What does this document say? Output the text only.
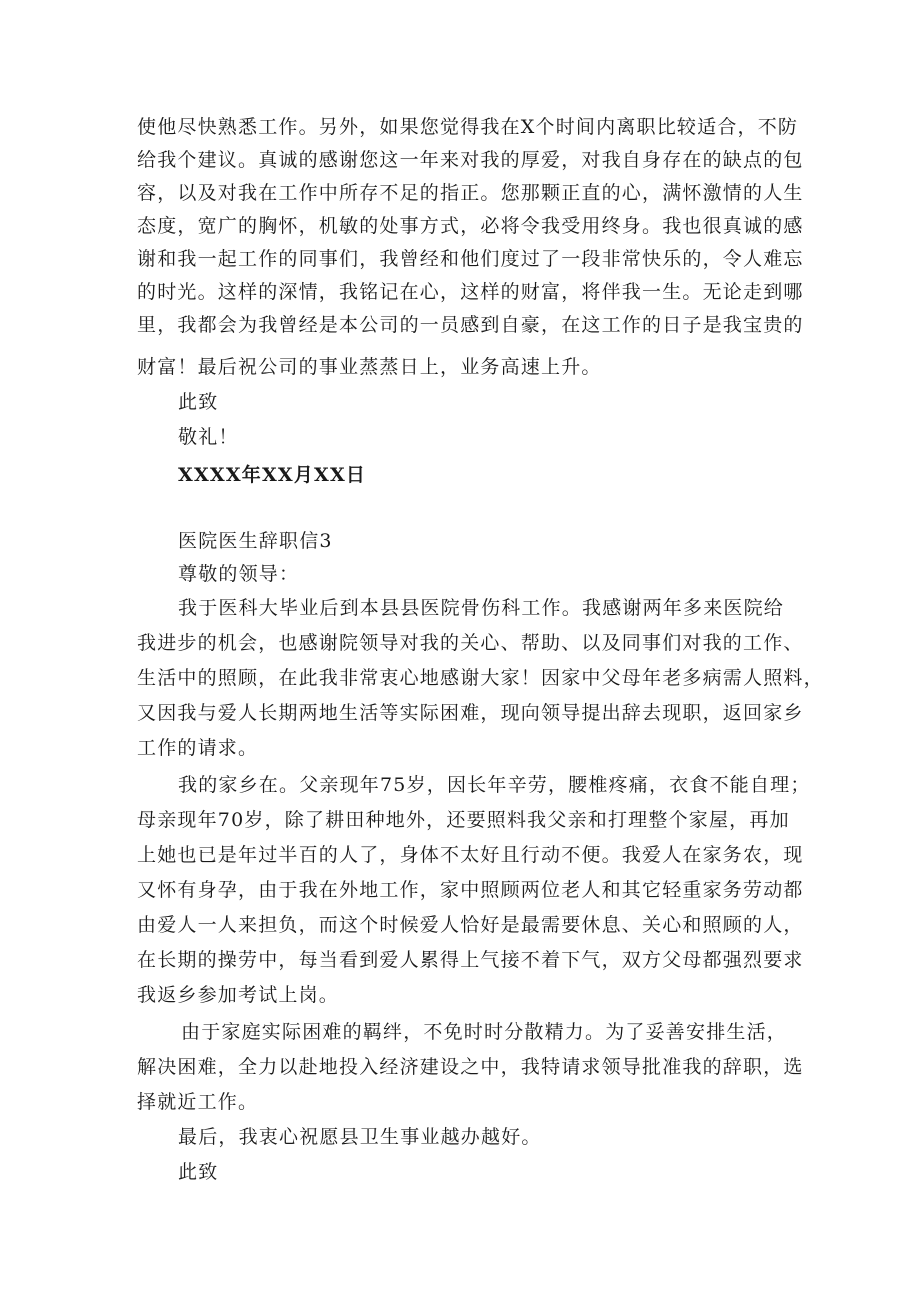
使他尽快熟悉工作。另外，如果您觉得我在X个时间内离职比较适合，不防
给我个建议。真诚的感谢您这一年来对我的厚爱，对我自身存在的缺点的包
容，以及对我在工作中所存不足的指正。您那颗正直的心，满怀激情的人生
态度，宽广的胸怀，机敏的处事方式，必将令我受用终身。我也很真诚的感
谢和我一起工作的同事们，我曾经和他们度过了一段非常快乐的，令人难忘
的时光。这样的深情，我铭记在心，这样的财富，将伴我一生。无论走到哪
里，我都会为我曾经是本公司的一员感到自豪，在这工作的日子是我宝贵的
财富！最后祝公司的事业蒸蒸日上，业务高速上升。
此致
敬礼！
XXXX年XX月XX日
医院医生辞职信3
尊敬的领导：
我于医科大毕业后到本县县医院骨伤科工作。我感谢两年多来医院给
我进步的机会，也感谢院领导对我的关心、帮助、以及同事们对我的工作、
生活中的照顾，在此我非常衷心地感谢大家！因家中父母年老多病需人照料，
又因我与爱人长期两地生活等实际困难，现向领导提出辞去现职，返回家乡
工作的请求。
我的家乡在。父亲现年75岁，因长年辛劳，腰椎疼痛，衣食不能自理；
母亲现年70岁，除了耕田种地外，还要照料我父亲和打理整个家屋，再加
上她也已是年过半百的人了，身体不太好且行动不便。我爱人在家务农，现
又怀有身孕，由于我在外地工作，家中照顾两位老人和其它轻重家务劳动都
由爱人一人来担负，而这个时候爱人恰好是最需要休息、关心和照顾的人，
在长期的操劳中，每当看到爱人累得上气接不着下气，双方父母都强烈要求
我返乡参加考试上岗。
由于家庭实际困难的羁绊，不免时时分散精力。为了妥善安排生活，
解决困难，全力以赴地投入经济建设之中，我特请求领导批准我的辞职，选
择就近工作。
最后，我衷心祝愿县卫生事业越办越好。
此致
